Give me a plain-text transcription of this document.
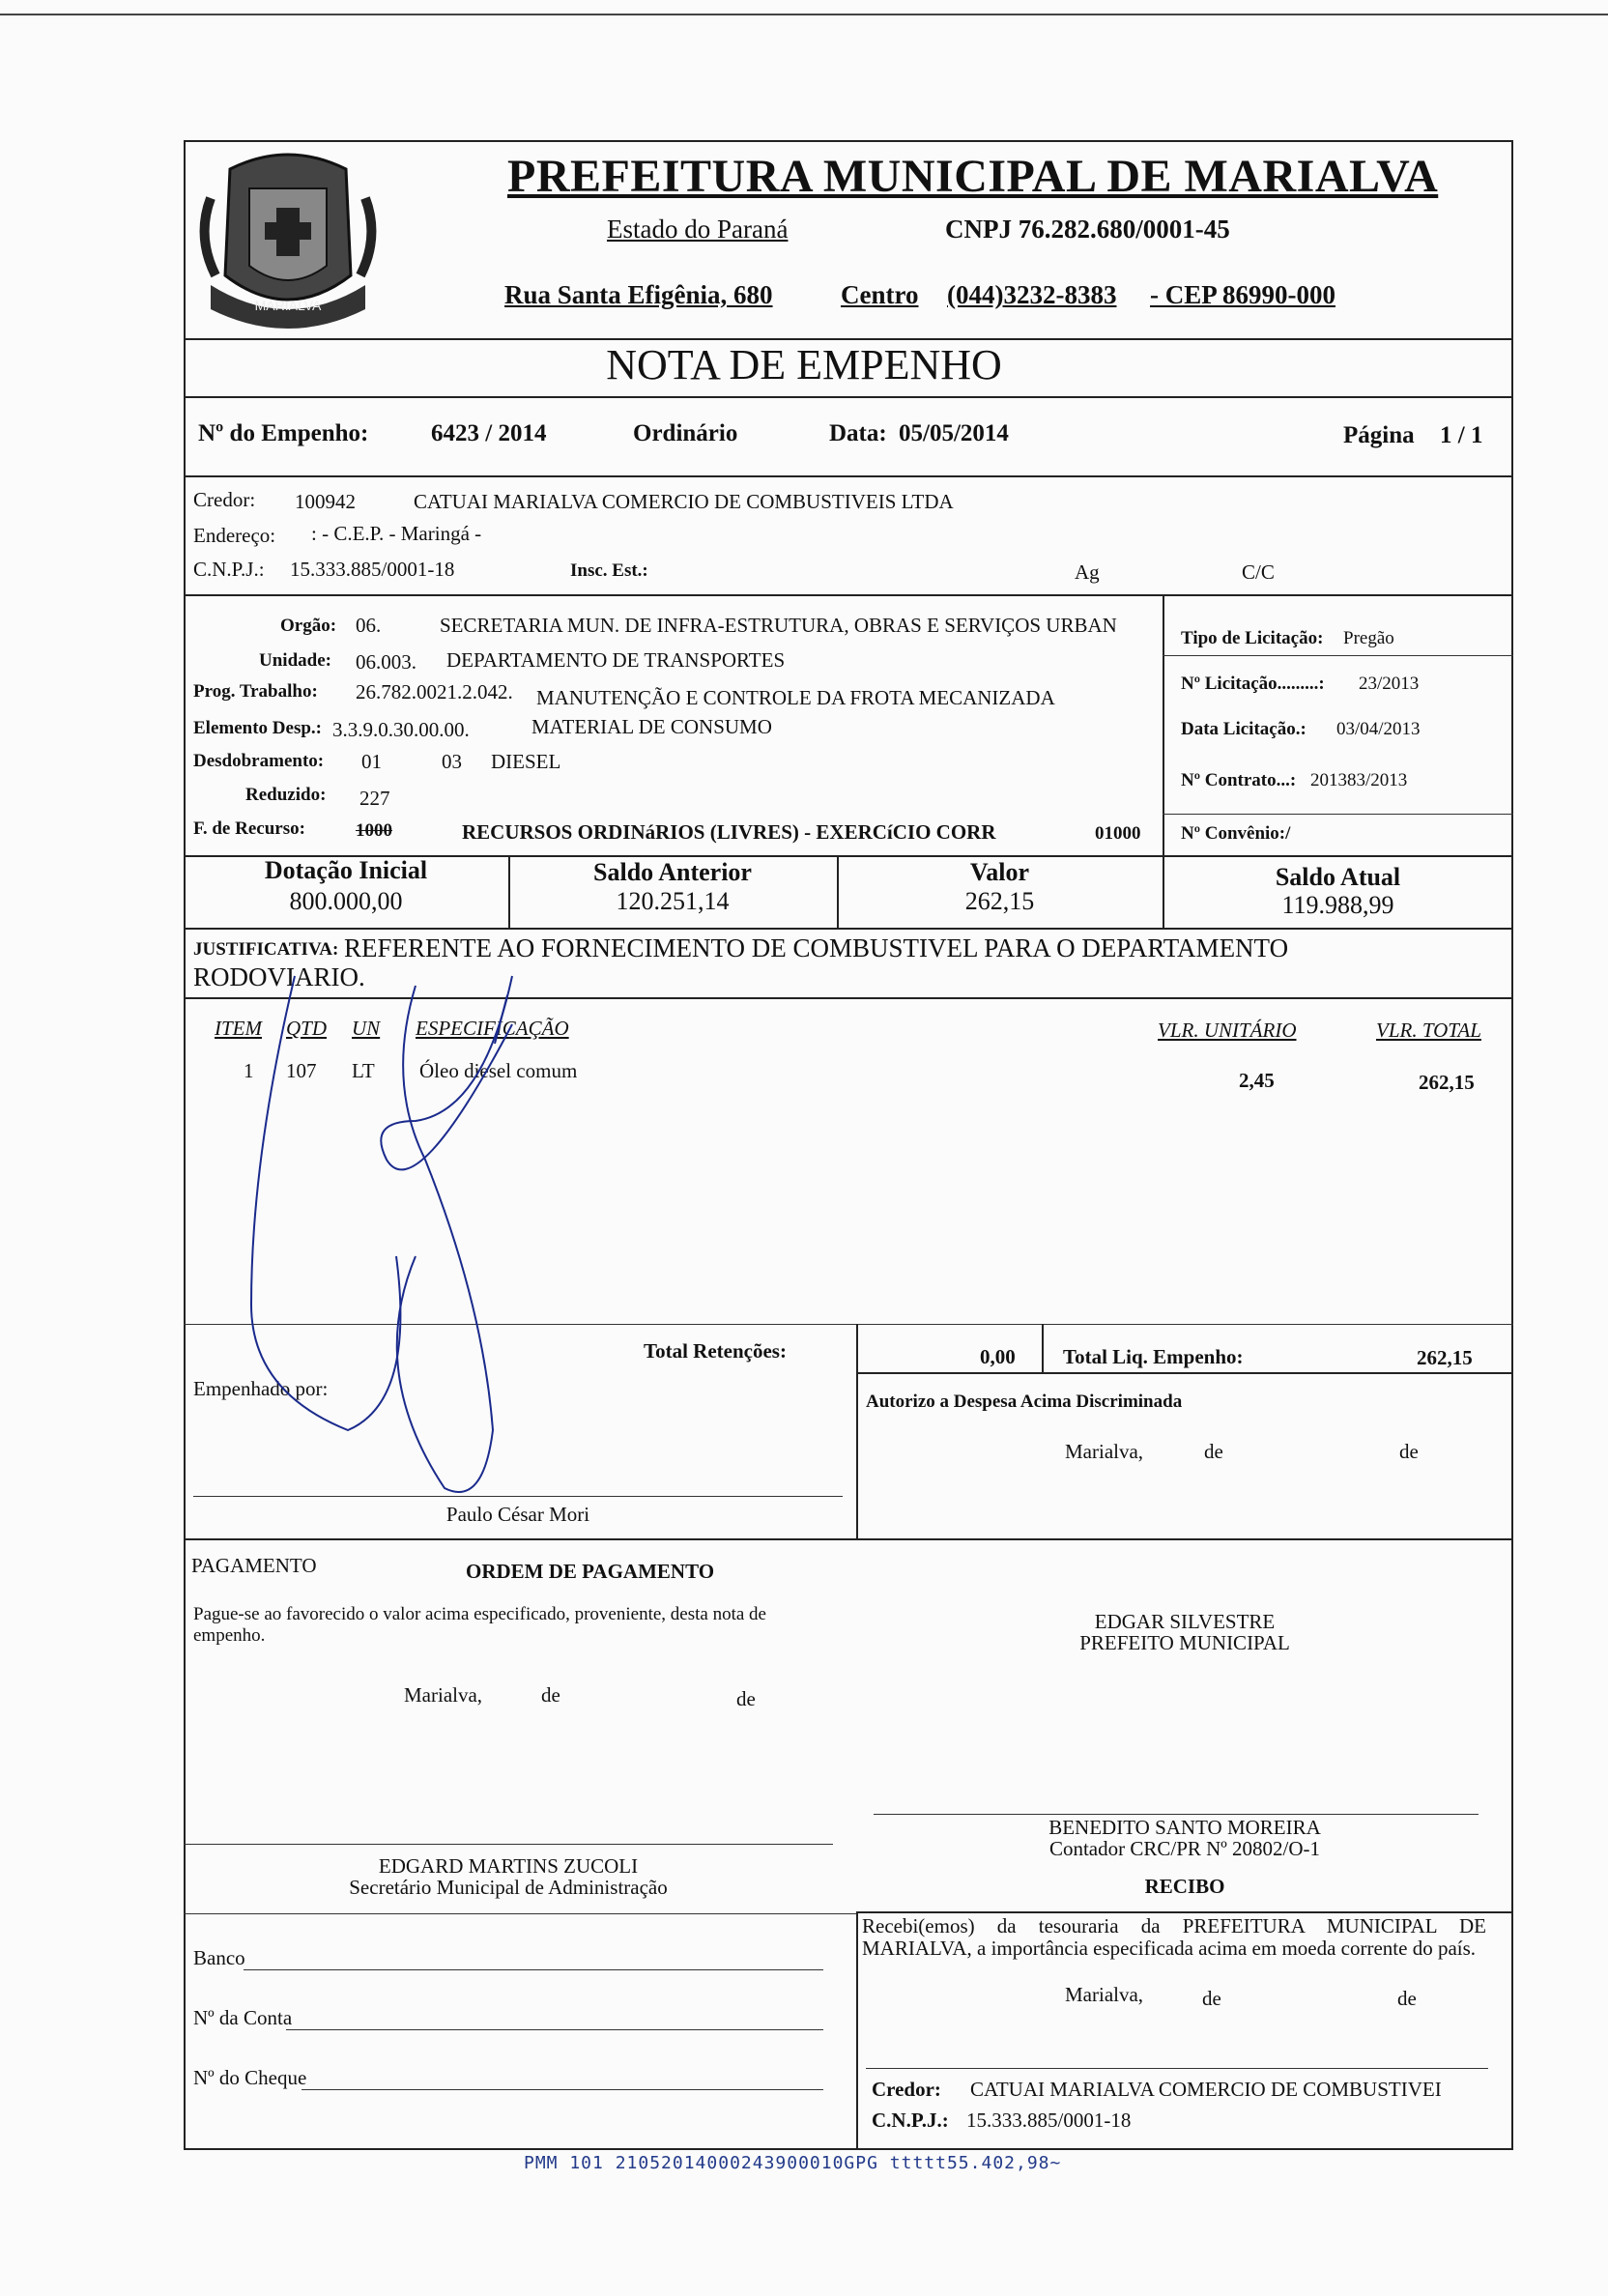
MARIALVA
PREFEITURA MUNICIPAL DE MARIALVA
Estado do Paraná	CNPJ 76.282.680/0001-45
Rua Santa Efigênia, 680	Centro (044)3232-8383 - CEP 86990-000
NOTA DE EMPENHO
Nº do Empenho:	6423 / 2014	Ordinário	Data: 05/05/2014	Página 1 / 1
Credor: 100942	CATUAI MARIALVA COMERCIO DE COMBUSTIVEIS LTDA
Endereço: : - C.E.P. - Maringá -
C.N.P.J.: 15.333.885/0001-18	Insc. Est.:	Ag	C/C
Orgão: 06.	SECRETARIA MUN. DE INFRA-ESTRUTURA, OBRAS E SERVIÇOS URBAN
Unidade: 06.003. DEPARTAMENTO DE TRANSPORTES
Prog. Trabalho: 26.782.0021.2.042. MANUTENÇÃO E CONTROLE DA FROTA MECANIZADA
Elemento Desp.: 3.3.9.0.30.00.00.	MATERIAL DE CONSUMO
Desdobramento: 01	03 DIESEL
Reduzido: 227
F. de Recurso:	1000	RECURSOS ORDINáRIOS (LIVRES) - EXERCíCIO CORR	01000
Tipo de Licitação: Pregão
Nº Licitação.........: 23/2013
Data Licitação.: 03/04/2013
Nº Contrato...: 201383/2013
Nº Convênio:/
Dotação Inicial
800.000,00
Saldo Anterior
120.251,14
Valor
262,15
Saldo Atual
119.988,99
JUSTIFICATIVA: REFERENTE AO FORNECIMENTO DE COMBUSTIVEL PARA O DEPARTAMENTO
RODOVIARIO.
ITEM QTD UN ESPECIFICAÇÃO	VLR. UNITÁRIO	VLR. TOTAL
1 107 LT Óleo diesel comum	2,45	262,15
Total Retenções:	0,00 Total Liq. Empenho:	262,15
Empenhado por:
Paulo César Mori
Autorizo a Despesa Acima Discriminada
Marialva,	de	de
PAGAMENTO	ORDEM DE PAGAMENTO
Pague-se ao favorecido o valor acima especificado, proveniente, desta nota de empenho.
Marialva,	de	de
EDGAR SILVESTRE
PREFEITO MUNICIPAL
BENEDITO SANTO MOREIRA
Contador CRC/PR Nº 20802/O-1
EDGARD MARTINS ZUCOLI
Secretário Municipal de Administração	RECIBO
Recebi(emos) da tesouraria da PREFEITURA MUNICIPAL DE MARIALVA, a importância especificada acima em moeda corrente do país.
Marialva,	de	de
Banco
Nº da Conta
Nº do Cheque	Credor: CATUAI MARIALVA COMERCIO DE COMBUSTIVEI
C.N.P.J.: 15.333.885/0001-18
PMM 101 21052014000243900010GPG ttttt55.402,98~
